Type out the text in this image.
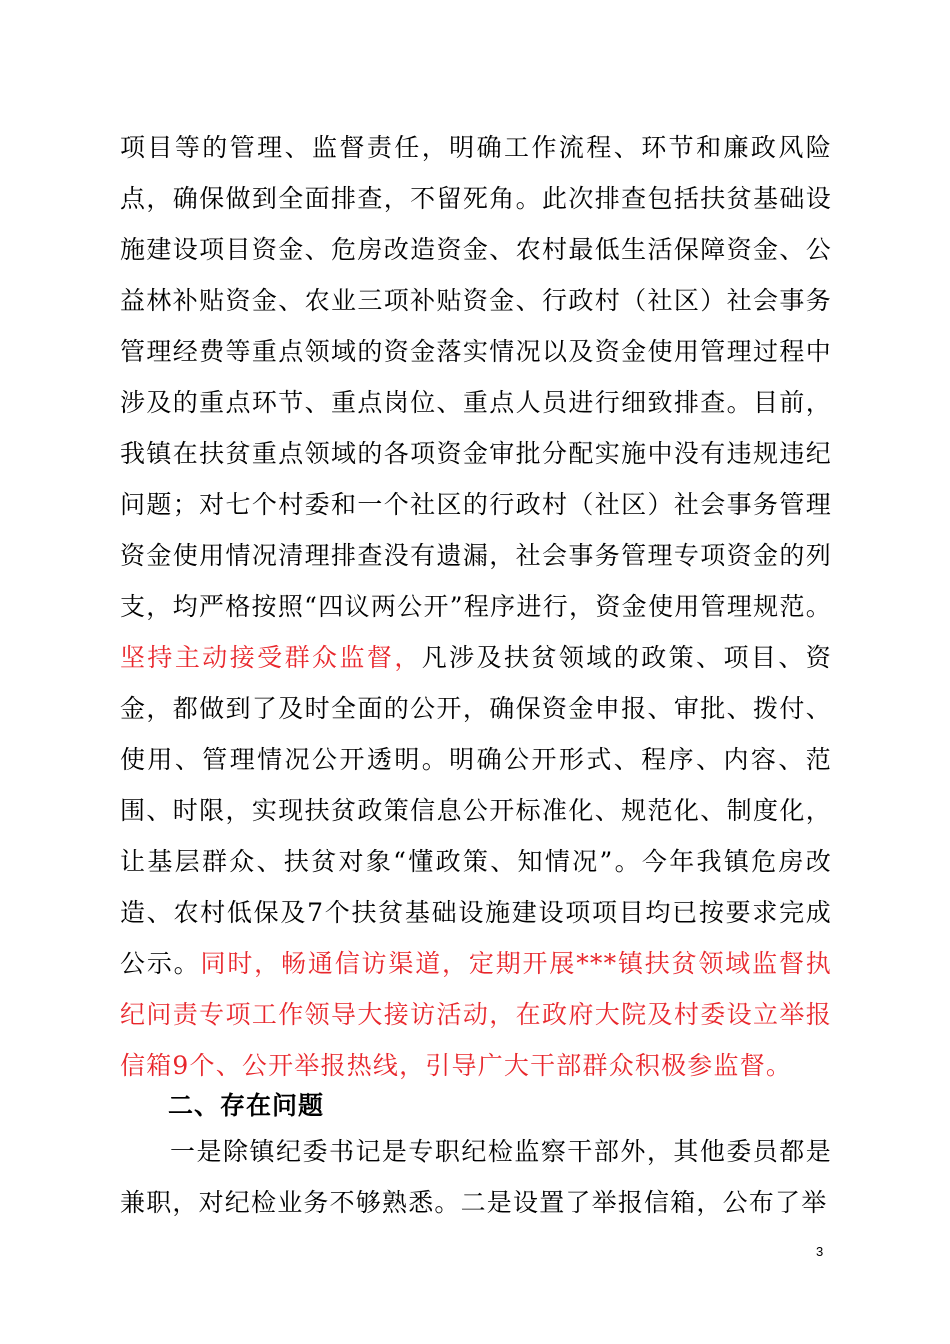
项目等的管理、监督责任，明确工作流程、环节和廉政风险点，确保做到全面排查，不留死角。此次排查包括扶贫基础设施建设项目资金、危房改造资金、农村最低生活保障资金、公益林补贴资金、农业三项补贴资金、行政村（社区）社会事务管理经费等重点领域的资金落实情况以及资金使用管理过程中涉及的重点环节、重点岗位、重点人员进行细致排查。目前，我镇在扶贫重点领域的各项资金审批分配实施中没有违规违纪问题；对七个村委和一个社区的行政村（社区）社会事务管理资金使用情况清理排查没有遗漏，社会事务管理专项资金的列支，均严格按照“四议两公开”程序进行，资金使用管理规范。坚持主动接受群众监督，凡涉及扶贫领域的政策、项目、资金，都做到了及时全面的公开，确保资金申报、审批、拨付、使用、管理情况公开透明。明确公开形式、程序、内容、范围、时限，实现扶贫政策信息公开标准化、规范化、制度化，让基层群众、扶贫对象“懂政策、知情况”。今年我镇危房改造、农村低保及7个扶贫基础设施建设项项目均已按要求完成公示。同时，畅通信访渠道，定期开展***镇扶贫领域监督执纪问责专项工作领导大接访活动，在政府大院及村委设立举报信箱9个、公开举报热线，引导广大干部群众积极参监督。

二、存在问题
一是除镇纪委书记是专职纪检监察干部外，其他委员都是兼职，对纪检业务不够熟悉。二是设置了举报信箱，公布了举
3
